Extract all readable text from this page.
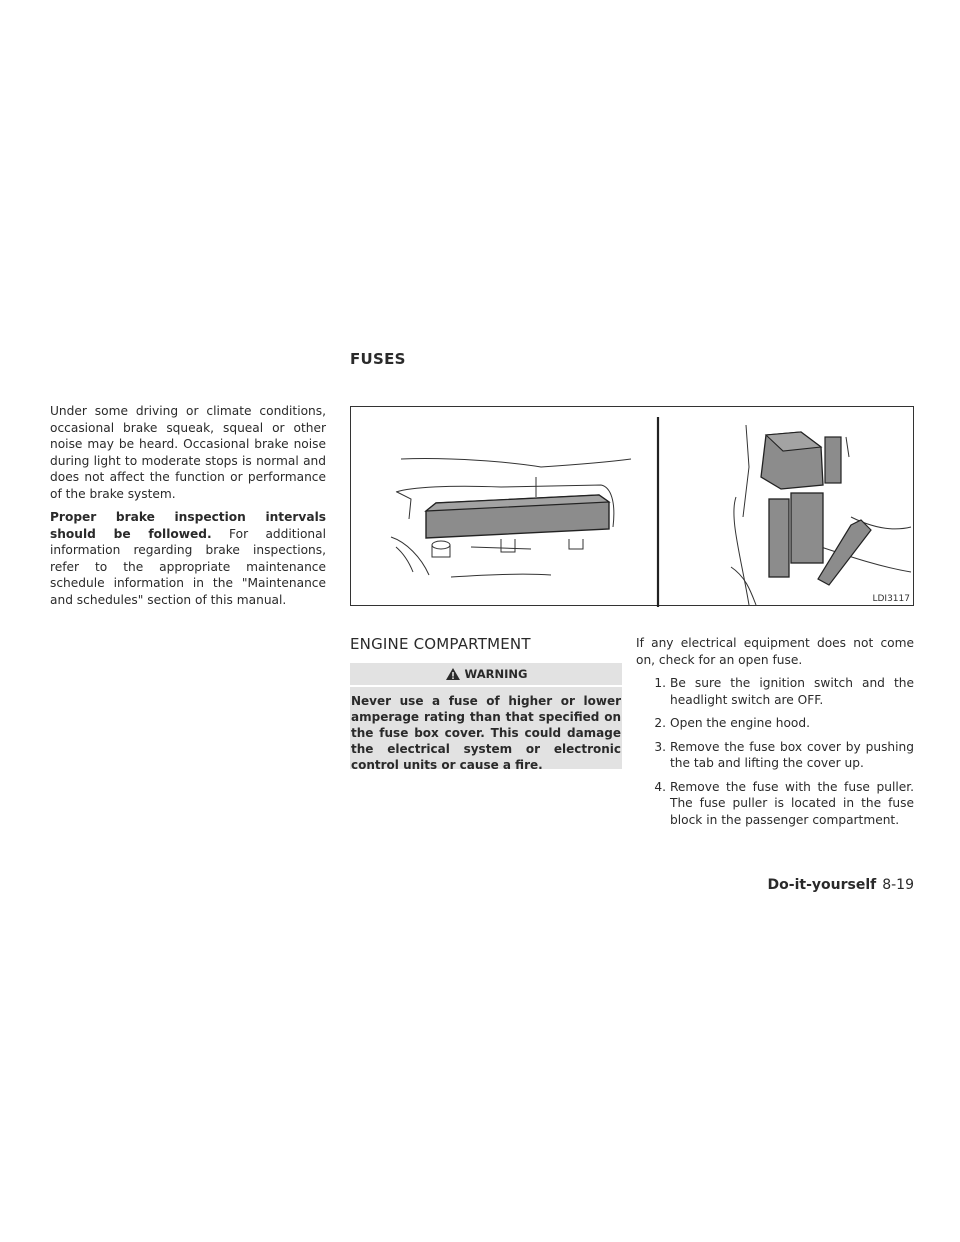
FUSES

Under some driving or climate conditions, occasional brake squeak, squeal or other noise may be heard. Occasional brake noise during light to moderate stops is normal and does not affect the function or performance of the brake system.

Proper brake inspection intervals should be followed. For additional information regarding brake inspections, refer to the appropriate maintenance schedule information in the "Maintenance and schedules" section of this manual.	LDI3117
ENGINE COMPARTMENT
WARNING
Never use a fuse of higher or lower amperage rating than that specified on the fuse box cover. This could damage the electrical system or electronic control units or cause a fire.

If any electrical equipment does not come on, check for an open fuse.

1. Be sure the ignition switch and the headlight switch are OFF.
2. Open the engine hood.
3. Remove the fuse box cover by pushing the tab and lifting the cover up.
4. Remove the fuse with the fuse puller. The fuse puller is located in the fuse block in the passenger compartment.
Do-it-yourself 8-19
